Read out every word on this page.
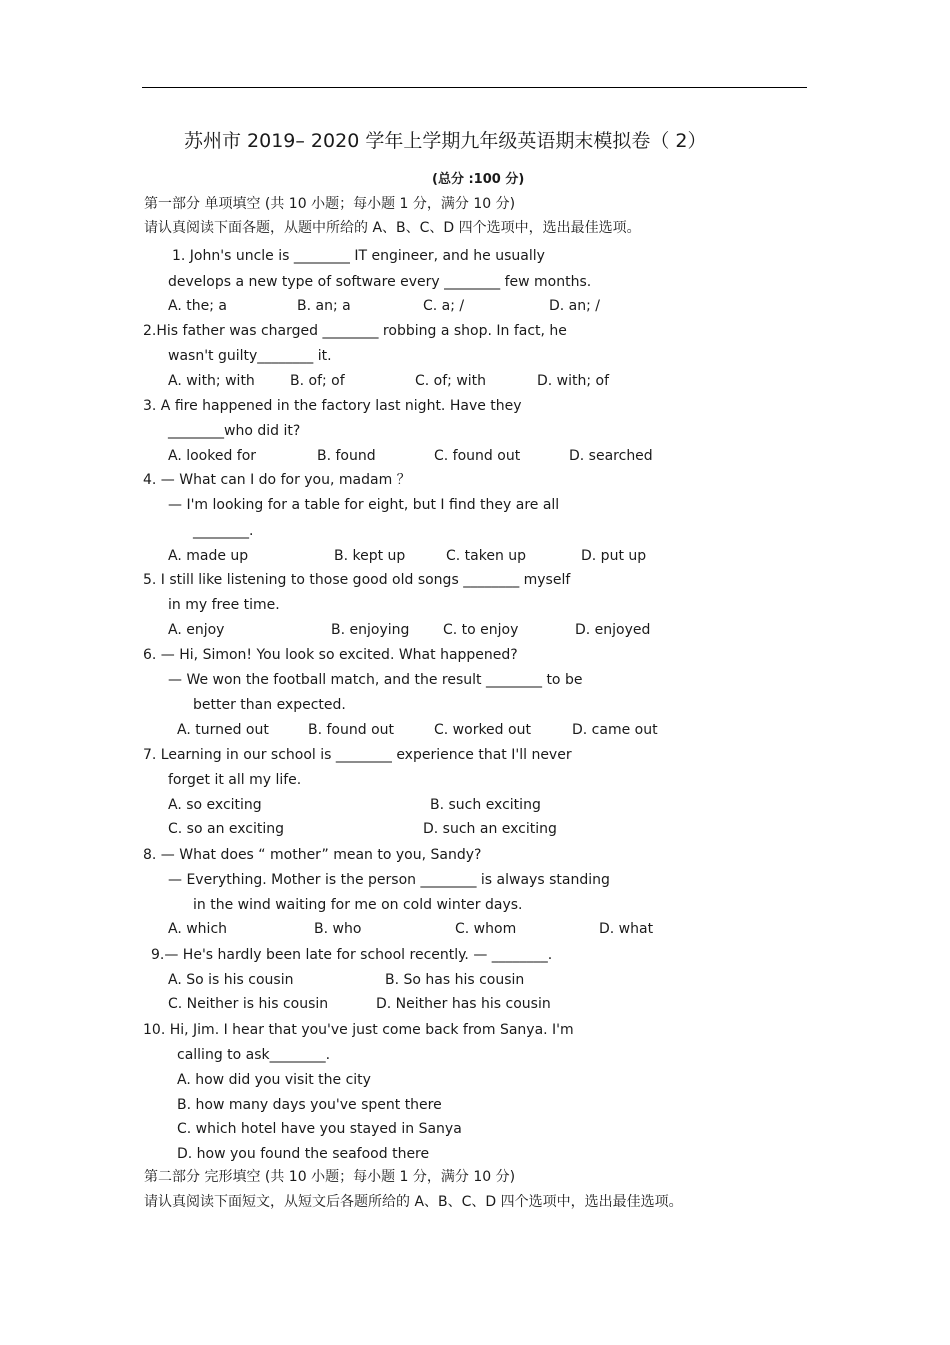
苏州市 2019– 2020 学年上学期九年级英语期末模拟卷（ 2）
(总分 :100 分)
第一部分 单项填空 (共 10 小题；每小题 1 分，满分 10 分)
请认真阅读下面各题，从题中所给的 A、B、C、D 四个选项中，选出最佳选项。
1. John's uncle is ________ IT engineer, and he usually
develops a new type of software every ________ few months.
A. the; a	B. an; a	C. a; /	D. an; /
2.His father was charged ________ robbing a shop. In fact, he
wasn't guilty________ it.
A. with; with	B. of; of	C. of; with	D. with; of
3. A fire happened in the factory last night. Have they
________who did it?
A. looked for	B. found	C. found out	D. searched
4. — What can I do for you, madam ？
— I'm looking for a table for eight, but I find they are all
________.
A. made up	B. kept up	C. taken up	D. put up
5. I still like listening to those good old songs ________ myself
in my free time.
A. enjoy	B. enjoying C. to enjoy	D. enjoyed
6. — Hi, Simon! You look so excited. What happened?
— We won the football match, and the result ________ to be
better than expected.
A. turned out	B. found out	C. worked out	D. came out
7. Learning in our school is ________ experience that I'll never
forget it all my life.
A. so exciting	B. such exciting
C. so an exciting	D. such an exciting
8. — What does “ mother” mean to you, Sandy?
— Everything. Mother is the person ________ is always standing
in the wind waiting for me on cold winter days.
A. which	B. who	C. whom	D. what
9.— He's hardly been late for school recently. — ________.
A. So is his cousin	B. So has his cousin
C. Neither is his cousin	D. Neither has his cousin
10. Hi, Jim. I hear that you've just come back from Sanya. I'm
calling to ask________.
A. how did you visit the city
B. how many days you've spent there
C. which hotel have you stayed in Sanya
D. how you found the seafood there
第二部分 完形填空 (共 10 小题；每小题 1 分，满分 10 分)
请认真阅读下面短文，从短文后各题所给的 A、B、C、D 四个选项中，选出最佳选项。
